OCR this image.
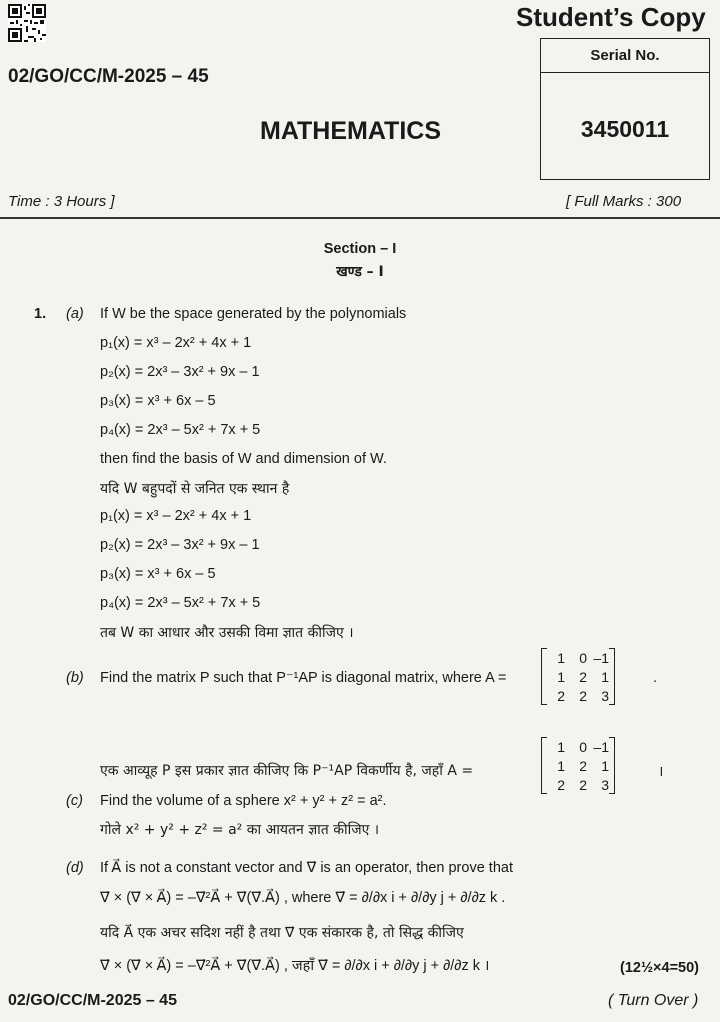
Student’s Copy
Serial No.
3450011
02/GO/CC/M-2025 – 45
MATHEMATICS
Time : 3 Hours ]	[ Full Marks : 300
Section – I
खण्ड – I
1. (a) If W be the space generated by the polynomials
p₁(x) = x³ – 2x² + 4x + 1
p₂(x) = 2x³ – 3x² + 9x – 1
p₃(x) = x³ + 6x – 5
p₄(x) = 2x³ – 5x² + 7x + 5
then find the basis of W and dimension of W.
यदि W बहुपदों से जनित एक स्थान है
p₁(x) = x³ – 2x² + 4x + 1
p₂(x) = 2x³ – 3x² + 9x – 1
p₃(x) = x³ + 6x – 5
p₄(x) = 2x³ – 5x² + 7x + 5
तब W का आधार और उसकी विमा ज्ञात कीजिए ।
(b) Find the matrix P such that P⁻¹AP is diagonal matrix, where A =
1	0	–1
1	2	1
2	2	3
.
एक आव्यूह P इस प्रकार ज्ञात कीजिए कि P⁻¹AP विकर्णीय है, जहाँ A =
1	0	–1
1	2	1
2	2	3
।
(c) Find the volume of a sphere x² + y² + z² = a².
गोले x² + y² + z² = a² का आयतन ज्ञात कीजिए ।
(d) If A⃗ is not a constant vector and ∇⃗ is an operator, then prove that
∇⃗ × (∇⃗ × A⃗) = –∇⃗²A⃗ + ∇⃗(∇⃗.A⃗) , where ∇⃗ = ∂/∂x i + ∂/∂y j + ∂/∂z k .
यदि A⃗ एक अचर सदिश नहीं है तथा ∇⃗ एक संकारक है, तो सिद्ध कीजिए
∇⃗ × (∇⃗ × A⃗) = –∇⃗²A⃗ + ∇⃗(∇⃗.A⃗) , जहाँ ∇⃗ = ∂/∂x i + ∂/∂y j + ∂/∂z k ।	(12½×4=50)
02/GO/CC/M-2025 – 45	( Turn Over )
